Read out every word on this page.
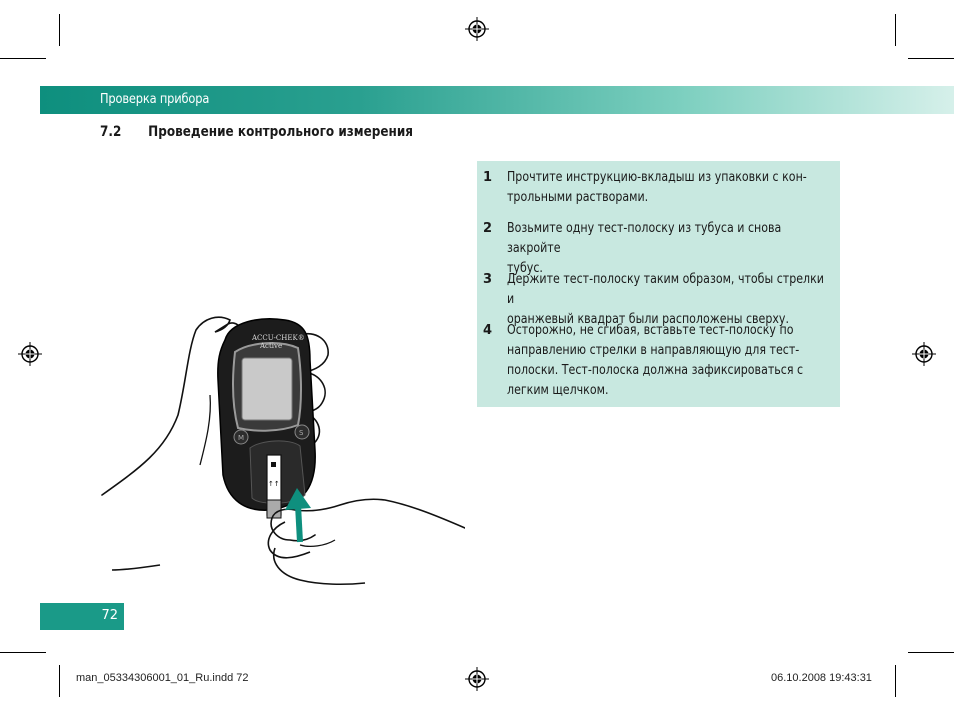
Проверка прибора
7.2 Проведение контрольного измерения
ACCU-CHEK®
Active
M
S
↑↑
1 Прочтите инструкцию-вкладыш из упаковки с кон-
трольными растворами.
2 Возьмите одну тест-полоску из тубуса и снова закройте
тубус.
3 Держите тест-полоску таким образом, чтобы стрелки и
оранжевый квадрат были расположены сверху.
4 Осторожно, не сгибая, вставьте тест-полоску по
направлению стрелки в направляющую для тест-
полоски. Тест-полоска должна зафиксироваться с
легким щелчком.
72
man_05334306001_01_Ru.indd 72	06.10.2008 19:43:31
